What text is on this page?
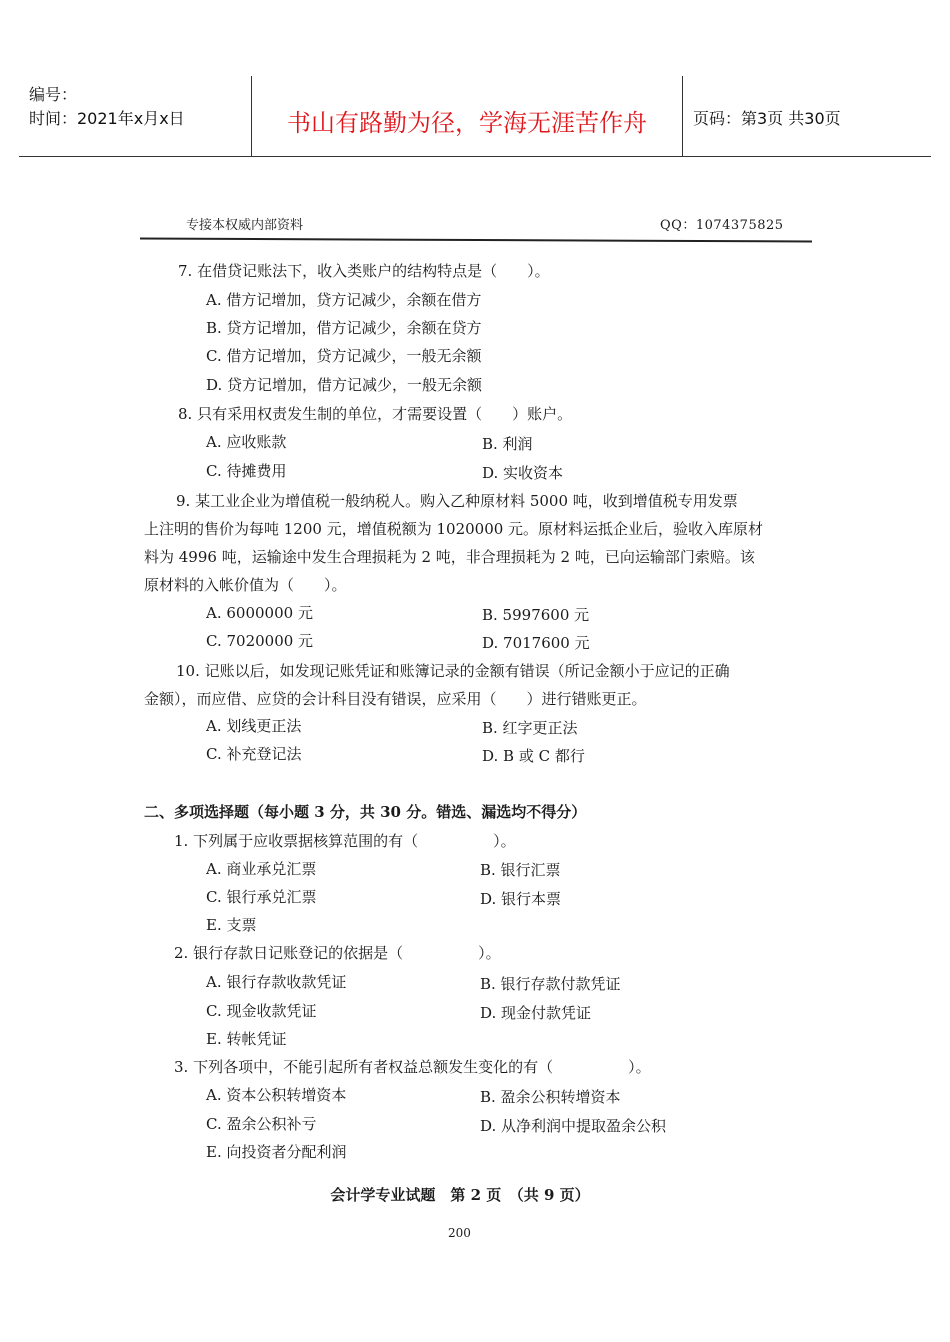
编号：
时间：2021年x月x日	书山有路勤为径，学海无涯苦作舟	页码：第3页 共30页
专接本权威内部资料	QQ：1074375825
7. 在借贷记账法下，收入类账户的结构特点是（　　）。
A. 借方记增加，贷方记减少，余额在借方
B. 贷方记增加，借方记减少，余额在贷方
C. 借方记增加，贷方记减少，一般无余额
D. 贷方记增加，借方记减少，一般无余额
8. 只有采用权责发生制的单位，才需要设置（　　）账户。
A. 应收账款	B. 利润
C. 待摊费用	D. 实收资本
9. 某工业企业为增值税一般纳税人。购入乙种原材料 5000 吨，收到增值税专用发票
上注明的售价为每吨 1200 元，增值税额为 1020000 元。原材料运抵企业后，验收入库原材
料为 4996 吨，运输途中发生合理损耗为 2 吨，非合理损耗为 2 吨，已向运输部门索赔。该
原材料的入帐价值为（　　）。
A. 6000000 元	B. 5997600 元
C. 7020000 元	D. 7017600 元
10. 记账以后，如发现记账凭证和账簿记录的金额有错误（所记金额小于应记的正确
金额），而应借、应贷的会计科目没有错误，应采用（　　）进行错账更正。
A. 划线更正法	B. 红字更正法
C. 补充登记法	D. B 或 C 都行
二、多项选择题（每小题 3 分，共 30 分。错选、漏选均不得分）
1. 下列属于应收票据核算范围的有（　　　　　）。
A. 商业承兑汇票	B. 银行汇票
C. 银行承兑汇票	D. 银行本票
E. 支票
2. 银行存款日记账登记的依据是（　　　　　）。
A. 银行存款收款凭证	B. 银行存款付款凭证
C. 现金收款凭证	D. 现金付款凭证
E. 转帐凭证
3. 下列各项中，不能引起所有者权益总额发生变化的有（　　　　　）。
A. 资本公积转增资本	B. 盈余公积转增资本
C. 盈余公积补亏	D. 从净利润中提取盈余公积
E. 向投资者分配利润
会计学专业试题　第 2 页　（共 9 页）
200
